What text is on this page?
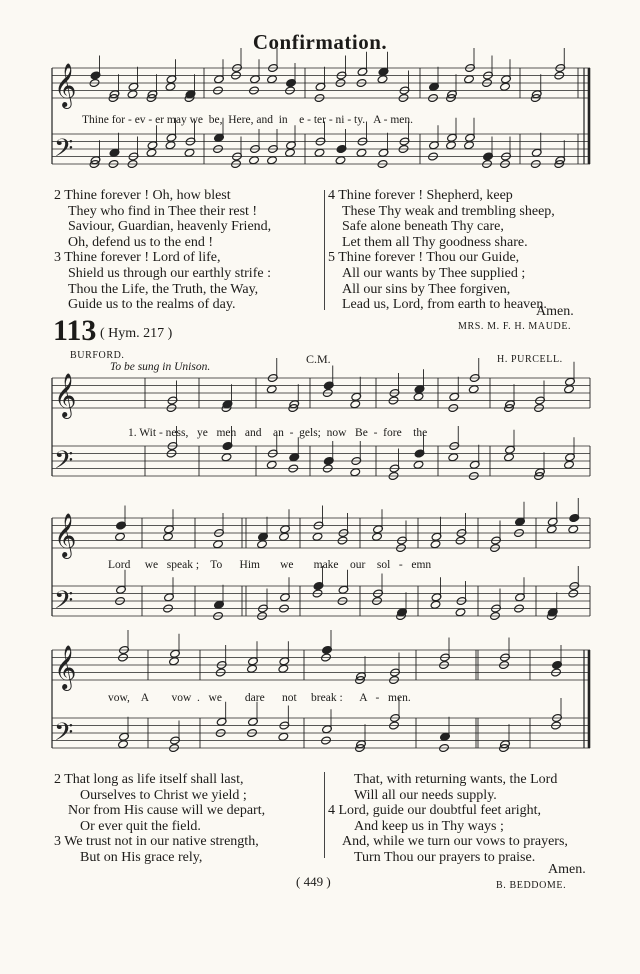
Confirmation.
𝄞
𝄢
𝄞
𝄢
𝄞
𝄢
𝄞
𝄢
Thine for - ev - er may we  be,  Here, and  in    e - ter - ni - ty.   A - men.
2 Thine forever ! Oh, how blest
They who find in Thee their rest !
Saviour, Guardian, heavenly Friend,
Oh, defend us to the end !
3 Thine forever ! Lord of life,
Shield us through our earthly strife :
Thou the Life, the Truth, the Way,
Guide us to the realms of day.
4 Thine forever ! Shepherd, keep
These Thy weak and trembling sheep,
Safe alone beneath Thy care,
Let them all Thy goodness share.
5 Thine forever ! Thou our Guide,
All our wants by Thee supplied ;
All our sins by Thee forgiven,
Lead us, Lord, from earth to heaven.
Amen.
MRS. M. F. H. MAUDE.
113 ( Hym. 217 )
BURFORD.
To be sung in Unison.
C.M.	H. PURCELL.
1. Wit - ness,   ye   men   and    an  -  gels;  now   Be  -  fore    the
Lord     we   speak ;    To      Him       we       make    our    sol   -   emn
vow,    A        vow  .   we        dare      not     break :      A   -   men.
2 That long as life itself shall last,
Ourselves to Christ we yield ;
Nor from His cause will we depart,
Or ever quit the field.
3 We trust not in our native strength,
But on His grace rely,
That, with returning wants, the Lord
Will all our needs supply.
4 Lord, guide our doubtful feet aright,
And keep us in Thy ways ;
And, while we turn our vows to prayers,
Turn Thou our prayers to praise.
Amen.
( 449 )	B. BEDDOME.
